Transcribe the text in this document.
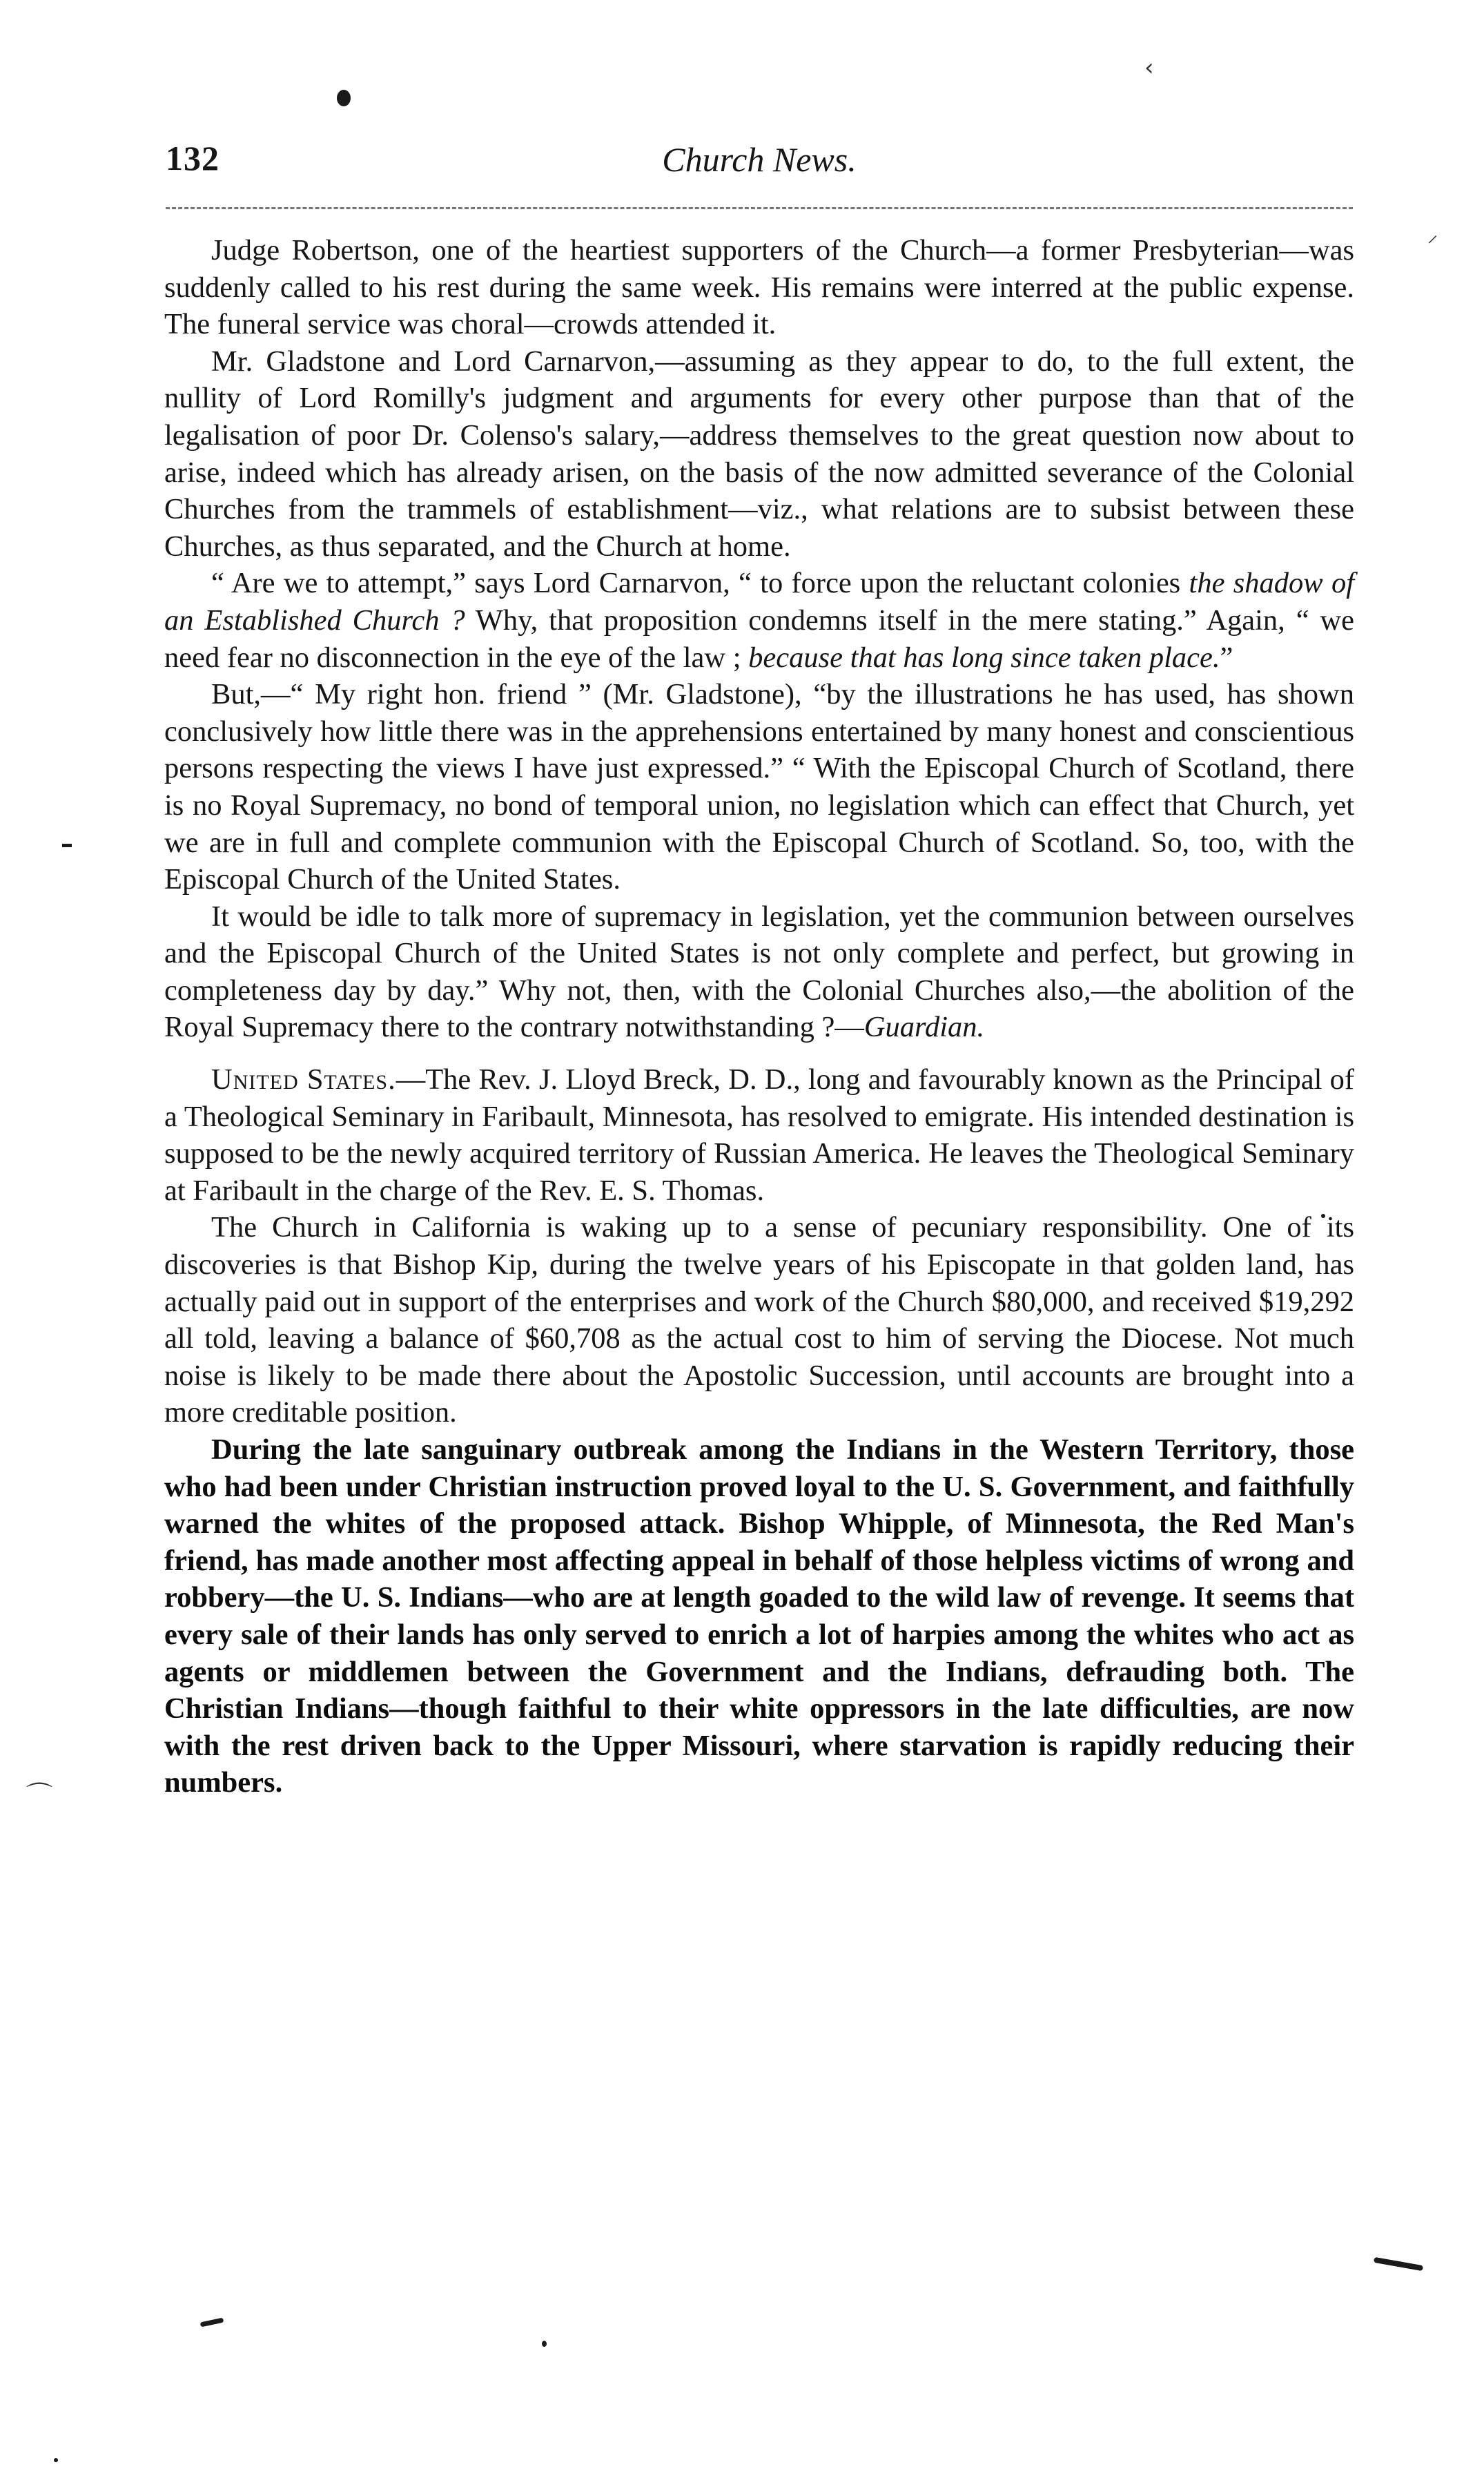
‹
⸝
⌒
132	Church News.

Judge Robertson, one of the heartiest supporters of the Church—a former Presbyterian—was suddenly called to his rest during the same week. His remains were interred at the public expense. The funeral service was choral—crowds attended it.

Mr. Gladstone and Lord Carnarvon,—assuming as they appear to do, to the full extent, the nullity of Lord Romilly's judgment and arguments for every other purpose than that of the legalisation of poor Dr. Colenso's salary,—address themselves to the great question now about to arise, indeed which has already arisen, on the basis of the now admitted severance of the Colonial Churches from the trammels of establishment—viz., what relations are to subsist between these Churches, as thus separated, and the Church at home.

“ Are we to attempt,” says Lord Carnarvon, “ to force upon the reluctant colonies the shadow of an Established Church ? Why, that proposition condemns itself in the mere stating.” Again, “ we need fear no disconnection in the eye of the law ; because that has long since taken place.”

But,—“ My right hon. friend ” (Mr. Gladstone), “by the illustrations he has used, has shown conclusively how little there was in the apprehensions entertained by many honest and conscientious persons respecting the views I have just expressed.” “ With the Episcopal Church of Scotland, there is no Royal Supremacy, no bond of temporal union, no legislation which can effect that Church, yet we are in full and complete communion with the Episcopal Church of Scotland. So, too, with the Episcopal Church of the United States.

It would be idle to talk more of supremacy in legislation, yet the communion between ourselves and the Episcopal Church of the United States is not only complete and perfect, but growing in completeness day by day.” Why not, then, with the Colonial Churches also,—the abolition of the Royal Supremacy there to the contrary notwithstanding ?—Guardian.

United States.—The Rev. J. Lloyd Breck, D. D., long and favourably known as the Principal of a Theological Seminary in Faribault, Minnesota, has resolved to emigrate. His intended destination is supposed to be the newly acquired territory of Russian America. He leaves the Theological Seminary at Faribault in the charge of the Rev. E. S. Thomas.

The Church in California is waking up to a sense of pecuniary responsibility. One of its discoveries is that Bishop Kip, during the twelve years of his Episcopate in that golden land, has actually paid out in support of the enterprises and work of the Church $80,000, and received $19,292 all told, leaving a balance of $60,708 as the actual cost to him of serving the Diocese. Not much noise is likely to be made there about the Apostolic Succession, until accounts are brought into a more creditable position.

During the late sanguinary outbreak among the Indians in the Western Territory, those who had been under Christian instruction proved loyal to the U. S. Government, and faithfully warned the whites of the proposed attack. Bishop Whipple, of Minnesota, the Red Man's friend, has made another most affecting appeal in behalf of those helpless victims of wrong and robbery—the U. S. Indians—who are at length goaded to the wild law of revenge. It seems that every sale of their lands has only served to enrich a lot of harpies among the whites who act as agents or middlemen between the Government and the Indians, defrauding both. The Christian Indians—though faithful to their white oppressors in the late difficulties, are now with the rest driven back to the Upper Missouri, where starvation is rapidly reducing their numbers.
